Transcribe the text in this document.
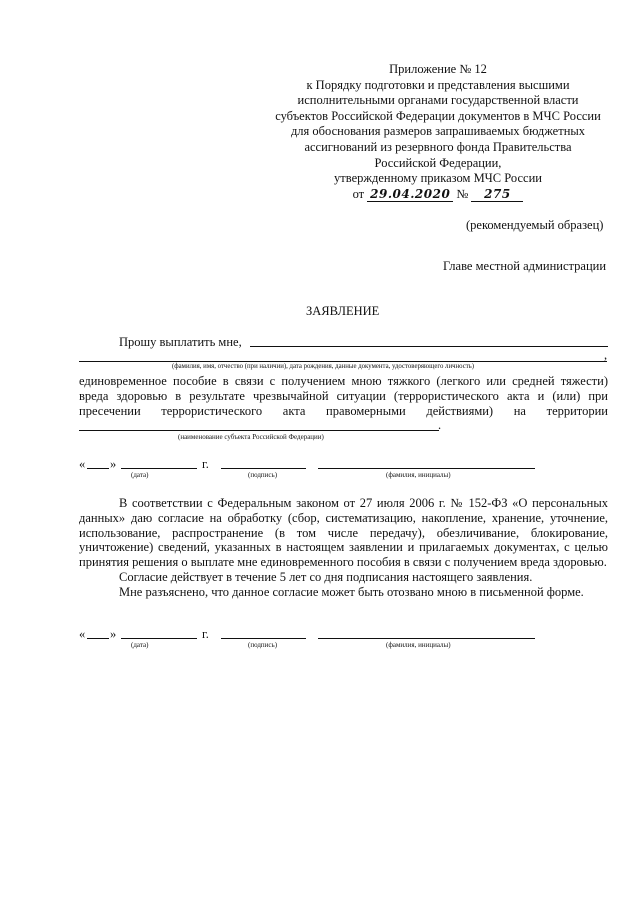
Приложение № 12
к Порядку подготовки и представления высшими
исполнительными органами государственной власти
субъектов Российской Федерации документов в МЧС России
для обоснования размеров запрашиваемых бюджетных
ассигнований из резервного фонда Правительства
Российской Федерации,
утвержденному приказом МЧС России
от 29.04.2020 № 275
(рекомендуемый образец)
Главе местной администрации
ЗАЯВЛЕНИЕ
Прошу выплатить мне,
,
(фамилия, имя, отчество (при наличии), дата рождения, данные документа, удостоверяющего личность)

единовременное пособие в связи с получением мною тяжкого (легкого или средней тяжести)

вреда здоровью в результате чрезвычайной ситуации (террористического акта и (или) при

пресечении террористического акта правомерными действиями) на территории

.
(наименование субъекта Российской Федерации)
« »	г.
(дата)	(подпись)	(фамилия, инициалы)

В соответствии с Федеральным законом от 27 июля 2006 г. № 152-ФЗ «О персональных данных» даю согласие на обработку (сбор, систематизацию, накопление, хранение, уточнение, использование, распространение (в том числе передачу), обезличивание, блокирование, уничтожение) сведений, указанных в настоящем заявлении и прилагаемых документах, с целью принятия решения о выплате мне единовременного пособия в связи с получением вреда здоровью.

Согласие действует в течение 5 лет со дня подписания настоящего заявления.

Мне разъяснено, что данное согласие может быть отозвано мною в письменной форме.

« »	г.
(дата)	(подпись)	(фамилия, инициалы)
